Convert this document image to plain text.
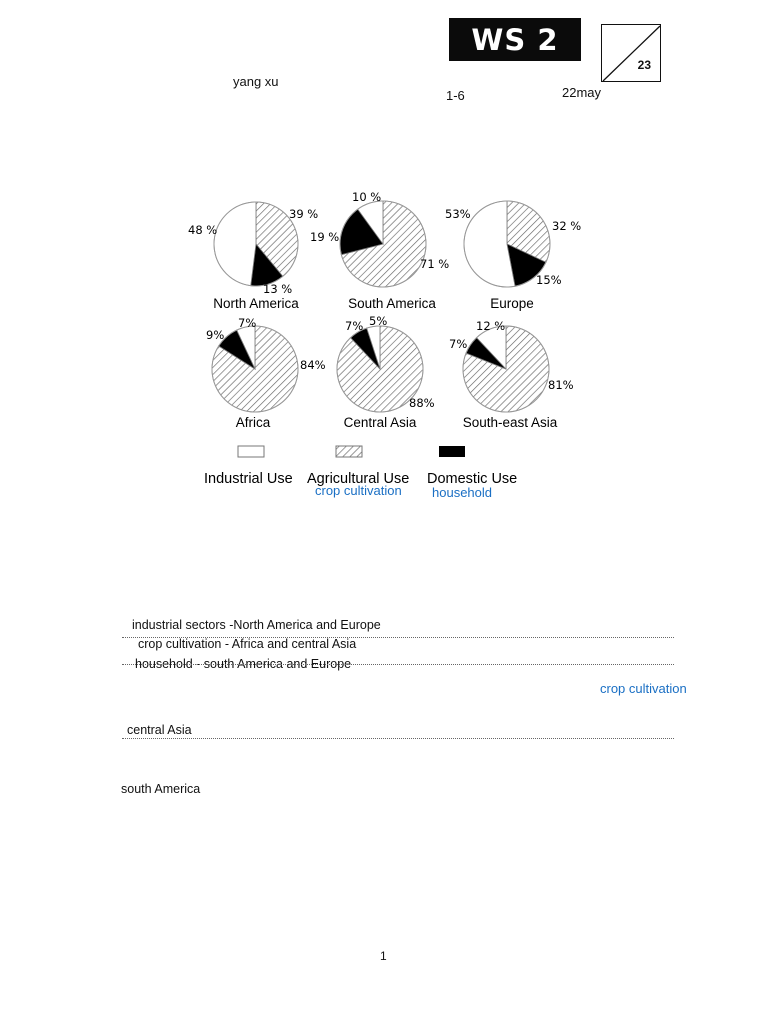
WS 2
23
yang xu
1-6	22may
North America	South America	Europe
Africa	Central Asia	South-east Asia
48 %
39 %
13 %
10 %
71 %
19 %
53%
32 %
15%
7%
84%
9%
5%
88%
7%	12 %
81%
7%
Industrial Use Agricultural Use Domestic Use
crop cultivation household
industrial sectors -North America and Europe
crop cultivation - Africa and central Asia
household - south America and Europe
crop cultivation
central Asia
south America
1
